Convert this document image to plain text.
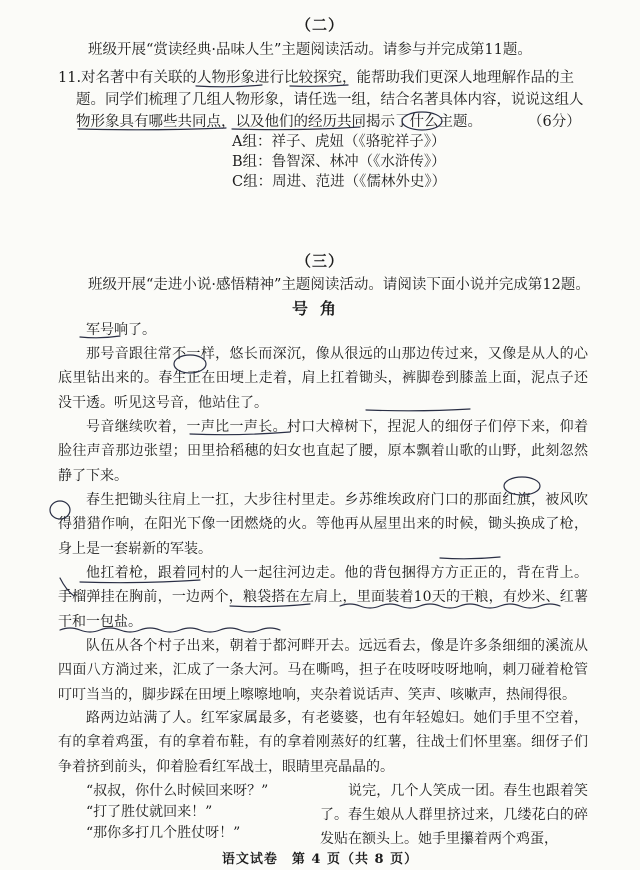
（二）
班级开展“赏读经典·品味人生”主题阅读活动。请参与并完成第11题。
11.对名著中有关联的人物形象进行比较探究，能帮助我们更深人地理解作品的主
题。同学们梳理了几组人物形象，请任选一组，结合名著具体内容，说说这组人
物形象具有哪些共同点，以及他们的经历共同揭示了什么主题。	（6分）
A组：祥子、虎妞（《骆驼祥子》）
B组：鲁智深、林冲（《水浒传》）
C组：周进、范进（《儒林外史》）
（三）
班级开展“走进小说·感悟精神”主题阅读活动。请阅读下面小说并完成第12题。
号角
军号响了。
那号音跟往常不一样，悠长而深沉，像从很远的山那边传过来，又像是从人的心底里钻出来的。春生正在田埂上走着，肩上扛着锄头，裤脚卷到膝盖上面，泥点子还没干透。听见这号音，他站住了。
号音继续吹着，一声比一声长。村口大樟树下，捏泥人的细伢子们停下来，仰着脸往声音那边张望；田里拾稻穗的妇女也直起了腰，原本飘着山歌的山野，此刻忽然静了下来。
春生把锄头往肩上一扛，大步往村里走。乡苏维埃政府门口的那面红旗，被风吹得猎猎作响，在阳光下像一团燃烧的火。等他再从屋里出来的时候，锄头换成了枪，身上是一套崭新的军装。
他扛着枪，跟着同村的人一起往河边走。他的背包捆得方方正正的，背在背上。手榴弹挂在胸前，一边两个，粮袋搭在左肩上，里面装着10天的干粮，有炒米、红薯干和一包盐。
队伍从各个村子出来，朝着于都河畔开去。远远看去，像是许多条细细的溪流从四面八方淌过来，汇成了一条大河。马在嘶鸣，担子在吱呀吱呀地响，刺刀碰着枪管叮叮当当的，脚步踩在田埂上嚓嚓地响，夹杂着说话声、笑声、咳嗽声，热闹得很。
路两边站满了人。红军家属最多，有老婆婆，也有年轻媳妇。她们手里不空着，有的拿着鸡蛋，有的拿着布鞋，有的拿着刚蒸好的红薯，往战士们怀里塞。细伢子们争着挤到前头，仰着脸看红军战士，眼睛里亮晶晶的。
“叔叔，你什么时候回来呀？”
“打了胜仗就回来！”
“那你多打几个胜仗呀！”
说完，几个人笑成一团。春生也跟着笑了。 春生娘从人群里挤过来，几缕花白的碎发贴在额头上。她手里攥着两个鸡蛋，
语文试卷　第 4 页（共 8 页）
